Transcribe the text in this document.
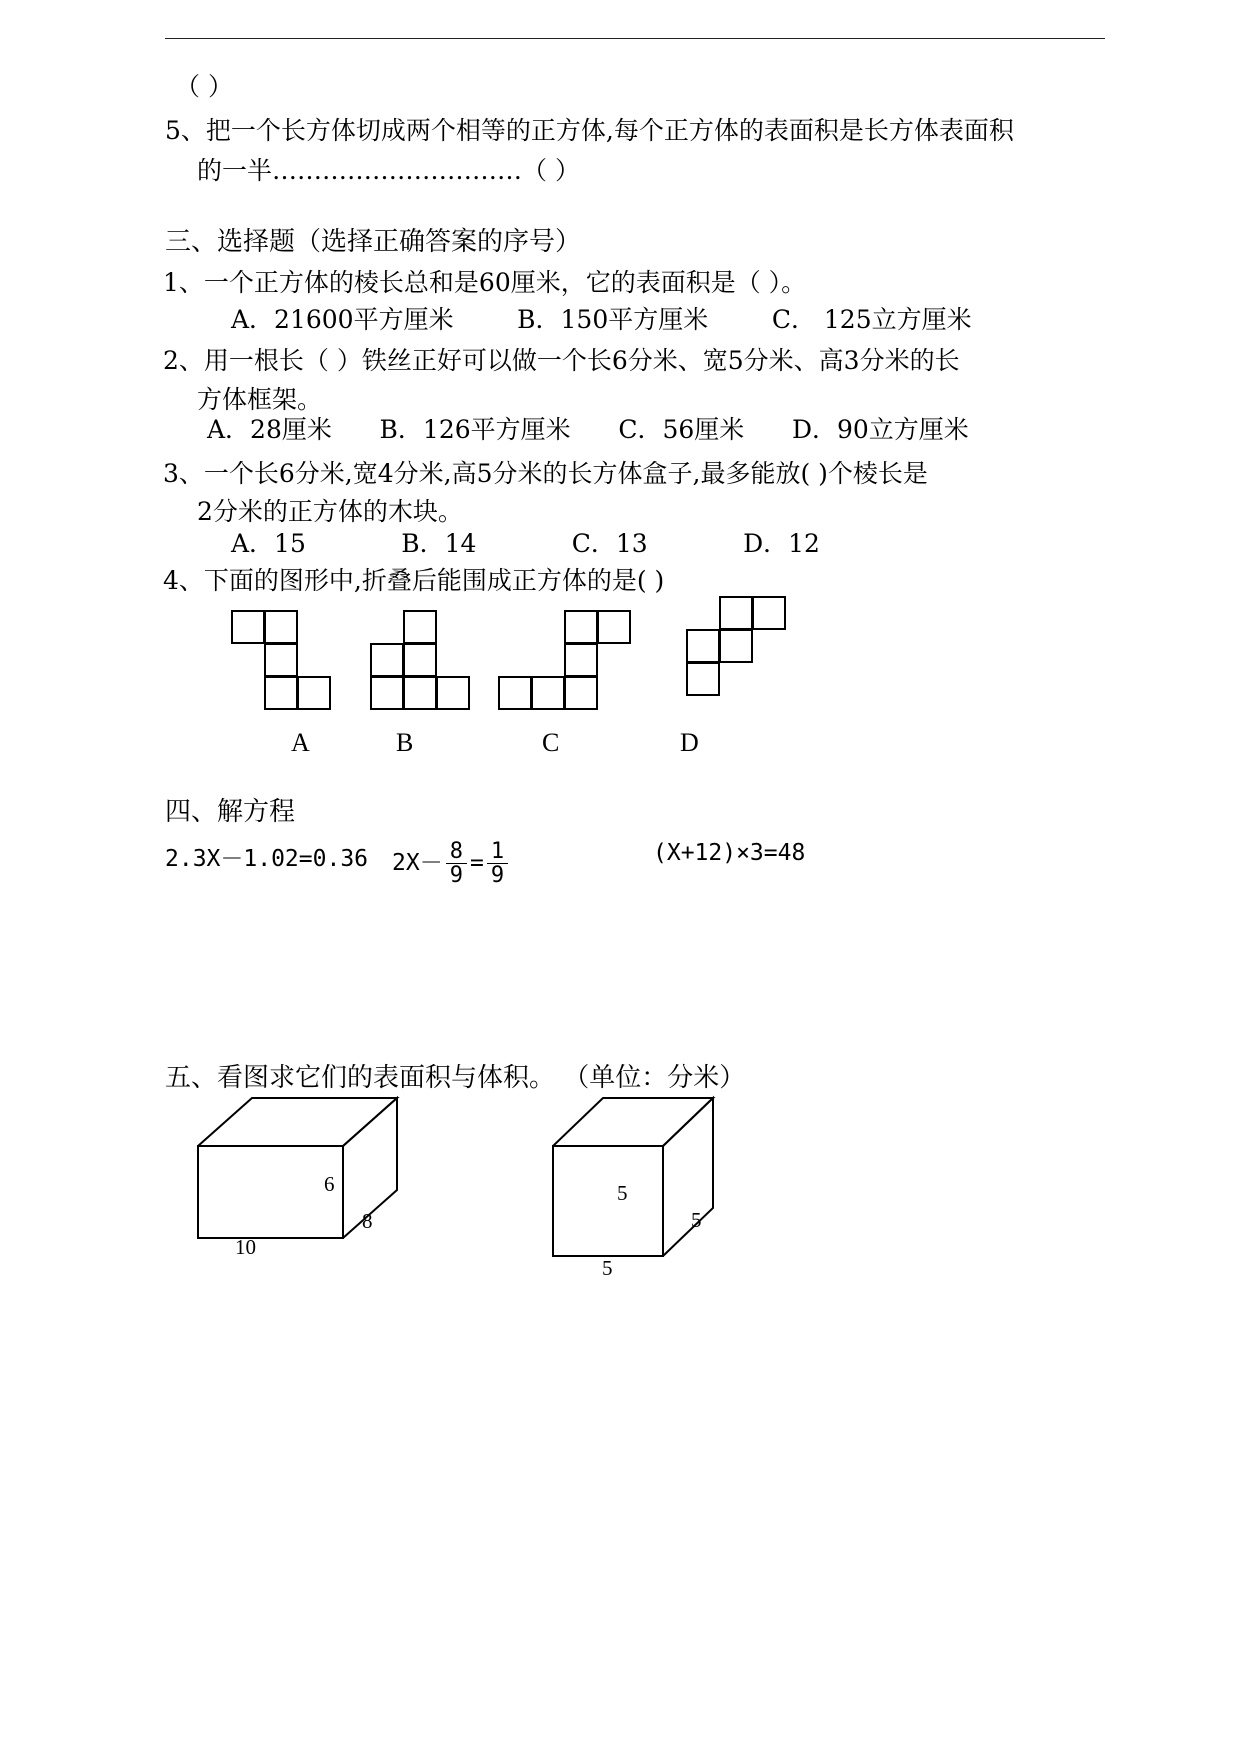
（ ）
5、把一个长方体切成两个相等的正方体,每个正方体的表面积是长方体表面积
的一半…………………………（ ）
三、选择题（选择正确答案的序号）
1、一个正方体的棱长总和是60厘米，它的表面积是（ ）。
A．21600平方厘米        B．150平方厘米        C． 125立方厘米
2、用一根长（ ）铁丝正好可以做一个长6分米、宽5分米、高3分米的长
方体框架。
A．28厘米      B．126平方厘米      C．56厘米      D．90立方厘米
3、一个长6分米,宽4分米,高5分米的长方体盒子,最多能放( )个棱长是
2分米的正方体的木块。
A．15            B．14            C．13            D．12
4、下面的图形中,折叠后能围成正方体的是( )
A	B	C	D
四、解方程
2.3X－1.02=0.36 $2X- \frac{8}{9} = \frac{1}{9}$	(X+12)×3=48
五、看图求它们的表面积与体积。 （单位：分米）
6
8
10
5
5
5
